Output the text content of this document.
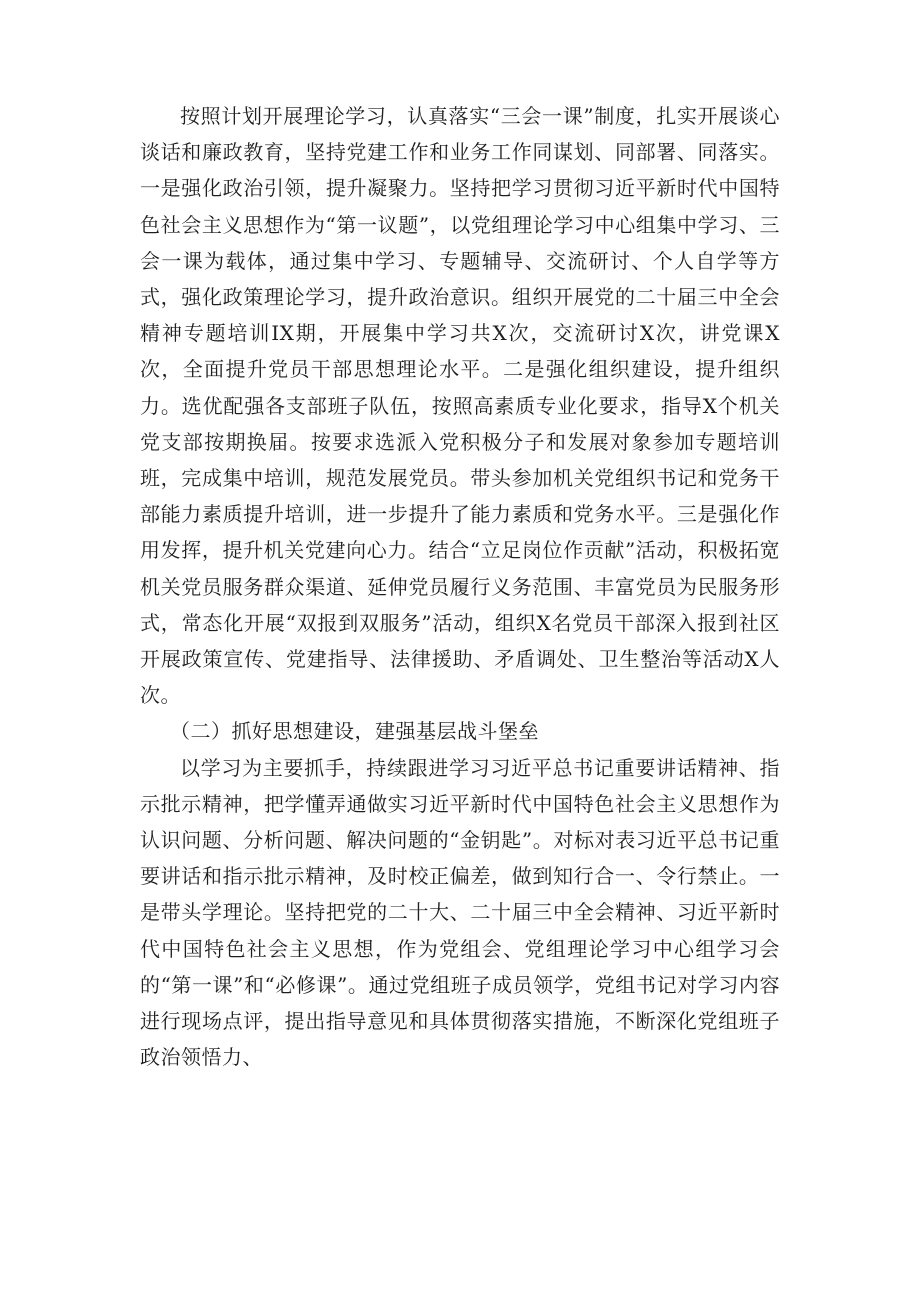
按照计划开展理论学习，认真落实“三会一课”制度，扎实开展谈心谈话和廉政教育，坚持党建工作和业务工作同谋划、同部署、同落实。一是强化政治引领，提升凝聚力。坚持把学习贯彻习近平新时代中国特色社会主义思想作为“第一议题”，以党组理论学习中心组集中学习、三会一课为载体，通过集中学习、专题辅导、交流研讨、个人自学等方式，强化政策理论学习，提升政治意识。组织开展党的二十届三中全会精神专题培训IX期，开展集中学习共X次，交流研讨X次，讲党课X次，全面提升党员干部思想理论水平。二是强化组织建设，提升组织力。选优配强各支部班子队伍，按照高素质专业化要求，指导X个机关党支部按期换届。按要求选派入党积极分子和发展对象参加专题培训班，完成集中培训，规范发展党员。带头参加机关党组织书记和党务干部能力素质提升培训，进一步提升了能力素质和党务水平。三是强化作用发挥，提升机关党建向心力。结合“立足岗位作贡献”活动，积极拓宽机关党员服务群众渠道、延伸党员履行义务范围、丰富党员为民服务形式，常态化开展“双报到双服务”活动，组织X名党员干部深入报到社区开展政策宣传、党建指导、法律援助、矛盾调处、卫生整治等活动X人次。

（二）抓好思想建设，建强基层战斗堡垒

以学习为主要抓手，持续跟进学习习近平总书记重要讲话精神、指示批示精神，把学懂弄通做实习近平新时代中国特色社会主义思想作为认识问题、分析问题、解决问题的“金钥匙”。对标对表习近平总书记重要讲话和指示批示精神，及时校正偏差，做到知行合一、令行禁止。一是带头学理论。坚持把党的二十大、二十届三中全会精神、习近平新时代中国特色社会主义思想，作为党组会、党组理论学习中心组学习会的“第一课”和“必修课”。通过党组班子成员领学，党组书记对学习内容进行现场点评，提出指导意见和具体贯彻落实措施，不断深化党组班子政治领悟力、
